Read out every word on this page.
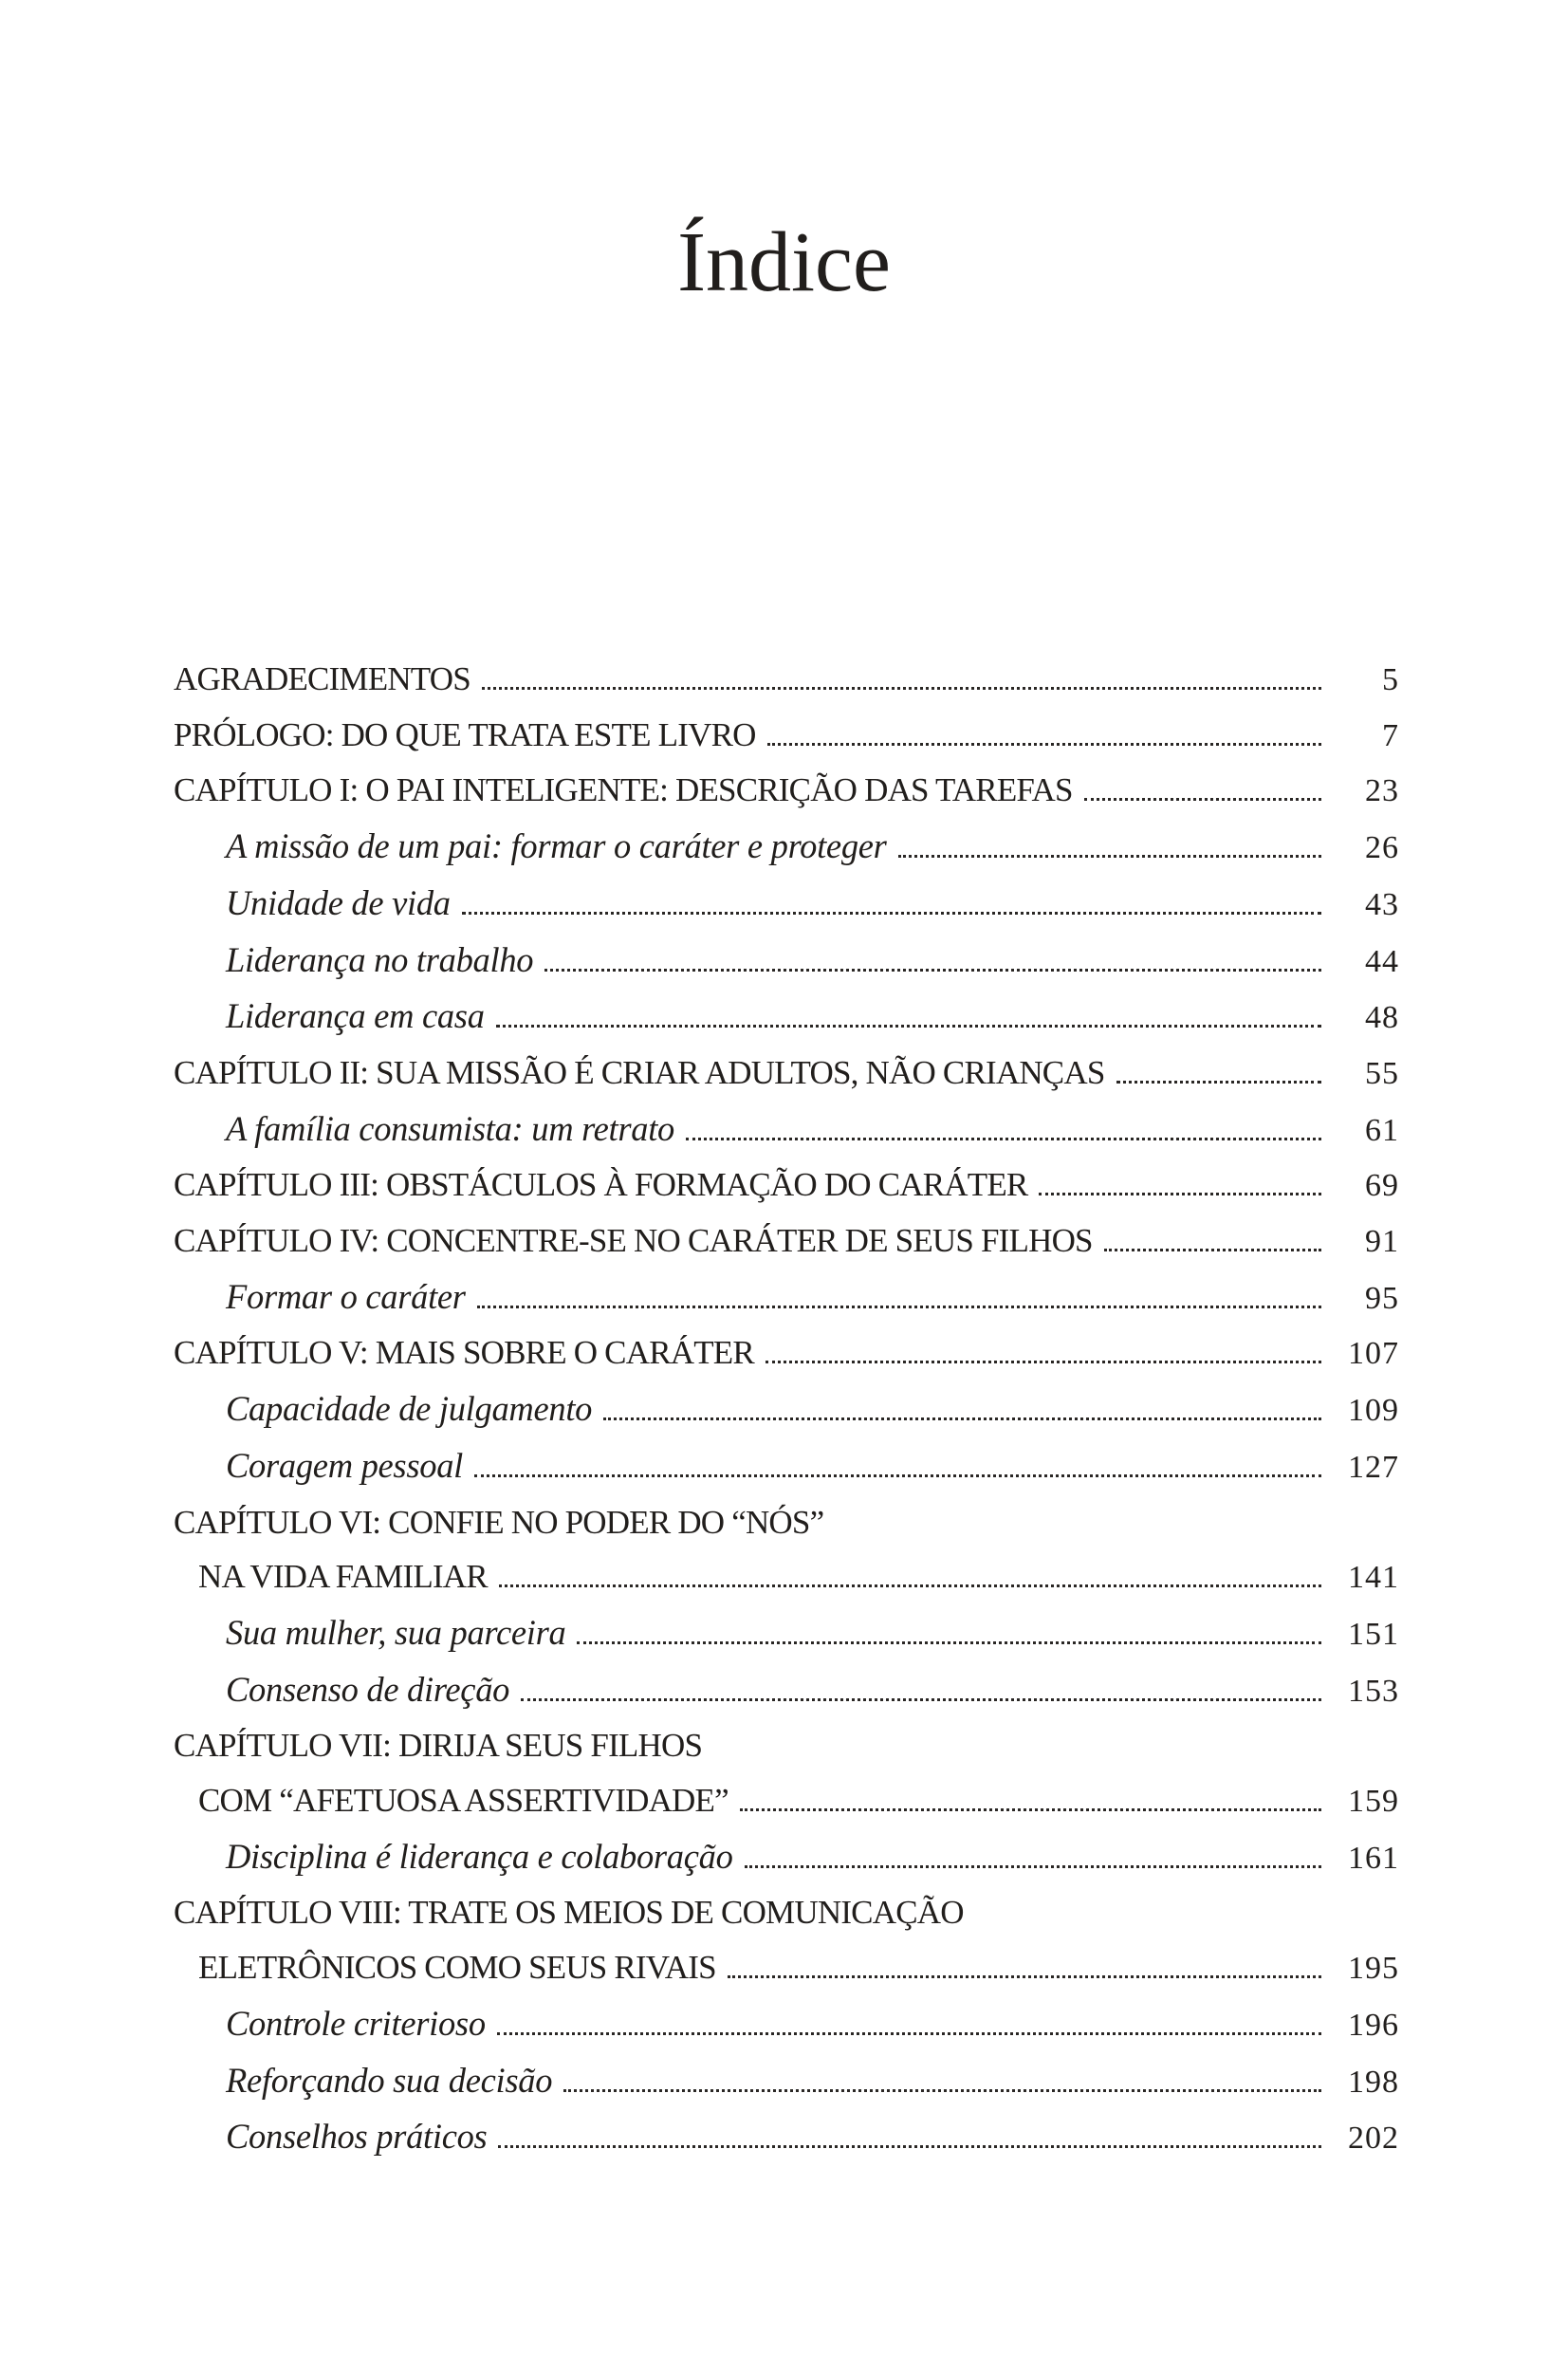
Índice
AGRADECIMENTOS	5
PRÓLOGO: DO QUE TRATA ESTE LIVRO	7
CAPÍTULO I: O PAI INTELIGENTE: DESCRIÇÃO DAS TAREFAS	23
A missão de um pai: formar o caráter e proteger	26
Unidade de vida	43
Liderança no trabalho	44
Liderança em casa	48
CAPÍTULO II: SUA MISSÃO É CRIAR ADULTOS, NÃO CRIANÇAS	55
A família consumista: um retrato	61
CAPÍTULO III: OBSTÁCULOS À FORMAÇÃO DO CARÁTER	69
CAPÍTULO IV: CONCENTRE-SE NO CARÁTER DE SEUS FILHOS	91
Formar o caráter	95
CAPÍTULO V: MAIS SOBRE O CARÁTER	107
Capacidade de julgamento	109
Coragem pessoal	127
CAPÍTULO VI: CONFIE NO PODER DO “NÓS”
NA VIDA FAMILIAR	141
Sua mulher, sua parceira	151
Consenso de direção	153
CAPÍTULO VII: DIRIJA SEUS FILHOS
COM “AFETUOSA ASSERTIVIDADE”	159
Disciplina é liderança e colaboração	161
CAPÍTULO VIII: TRATE OS MEIOS DE COMUNICAÇÃO
ELETRÔNICOS COMO SEUS RIVAIS	195
Controle criterioso	196
Reforçando sua decisão	198
Conselhos práticos	202
